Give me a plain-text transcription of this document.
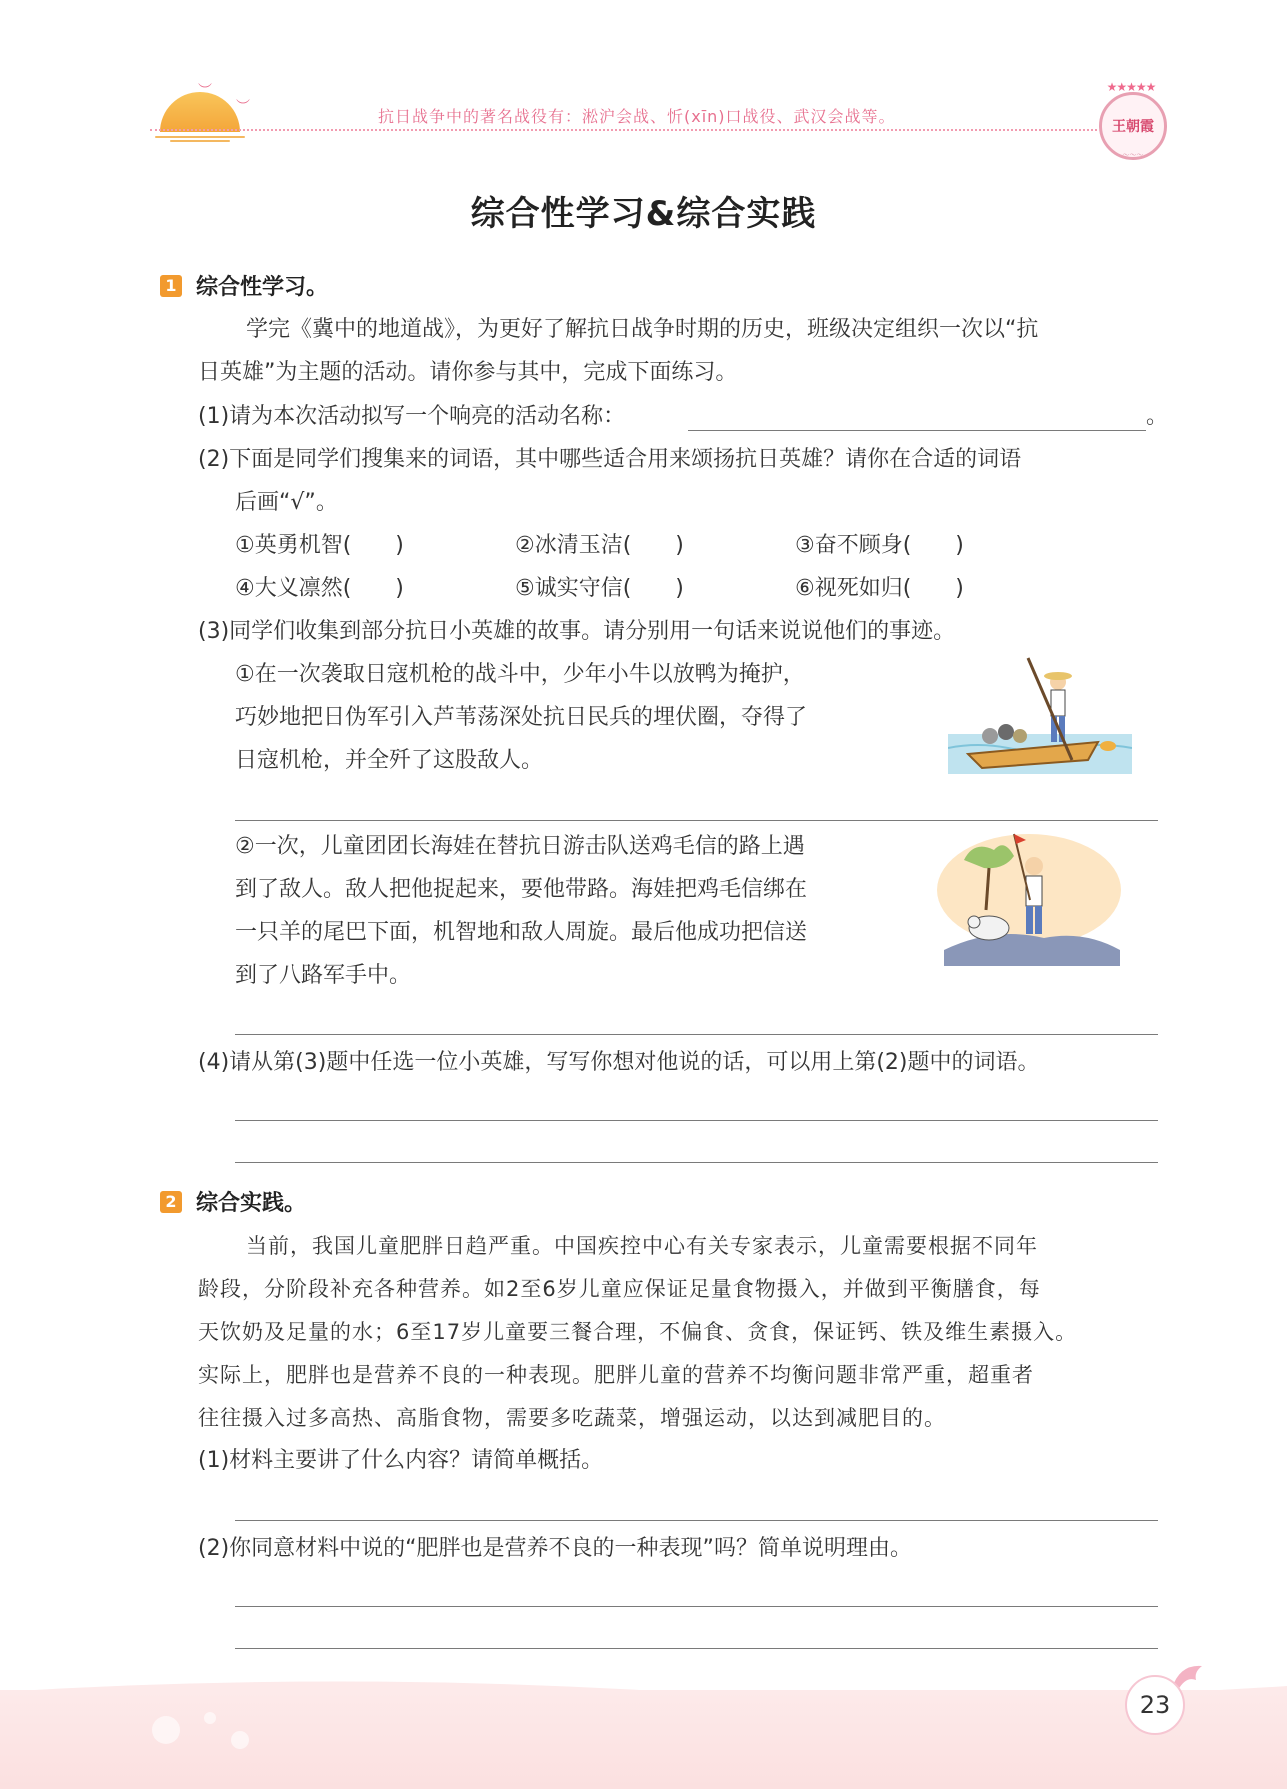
︶
︶	抗日战争中的著名战役有：淞沪会战、忻(xīn)口战役、武汉会战等。
★★★★★
王朝霞
～～～
综合性学习&综合实践
1 综合性学习。
学完《冀中的地道战》，为更好了解抗日战争时期的历史，班级决定组织一次以“抗
日英雄”为主题的活动。请你参与其中，完成下面练习。
(1)请为本次活动拟写一个响亮的活动名称：	。
(2)下面是同学们搜集来的词语，其中哪些适合用来颂扬抗日英雄？请你在合适的词语
后画“√”。
①英勇机智(　　)	②冰清玉洁(　　)	③奋不顾身(　　)
④大义凛然(　　)	⑤诚实守信(　　)	⑥视死如归(　　)
(3)同学们收集到部分抗日小英雄的故事。请分别用一句话来说说他们的事迹。
①在一次袭取日寇机枪的战斗中，少年小牛以放鸭为掩护，
巧妙地把日伪军引入芦苇荡深处抗日民兵的埋伏圈，夺得了
日寇机枪，并全歼了这股敌人。
②一次，儿童团团长海娃在替抗日游击队送鸡毛信的路上遇
到了敌人。敌人把他捉起来，要他带路。海娃把鸡毛信绑在
一只羊的尾巴下面，机智地和敌人周旋。最后他成功把信送
到了八路军手中。
(4)请从第(3)题中任选一位小英雄，写写你想对他说的话，可以用上第(2)题中的词语。
2 综合实践。
当前，我国儿童肥胖日趋严重。中国疾控中心有关专家表示，儿童需要根据不同年
龄段，分阶段补充各种营养。如2至6岁儿童应保证足量食物摄入，并做到平衡膳食，每
天饮奶及足量的水；6至17岁儿童要三餐合理，不偏食、贪食，保证钙、铁及维生素摄入。
实际上，肥胖也是营养不良的一种表现。肥胖儿童的营养不均衡问题非常严重，超重者
往往摄入过多高热、高脂食物，需要多吃蔬菜，增强运动，以达到减肥目的。
(1)材料主要讲了什么内容？请简单概括。
(2)你同意材料中说的“肥胖也是营养不良的一种表现”吗？简单说明理由。
23
